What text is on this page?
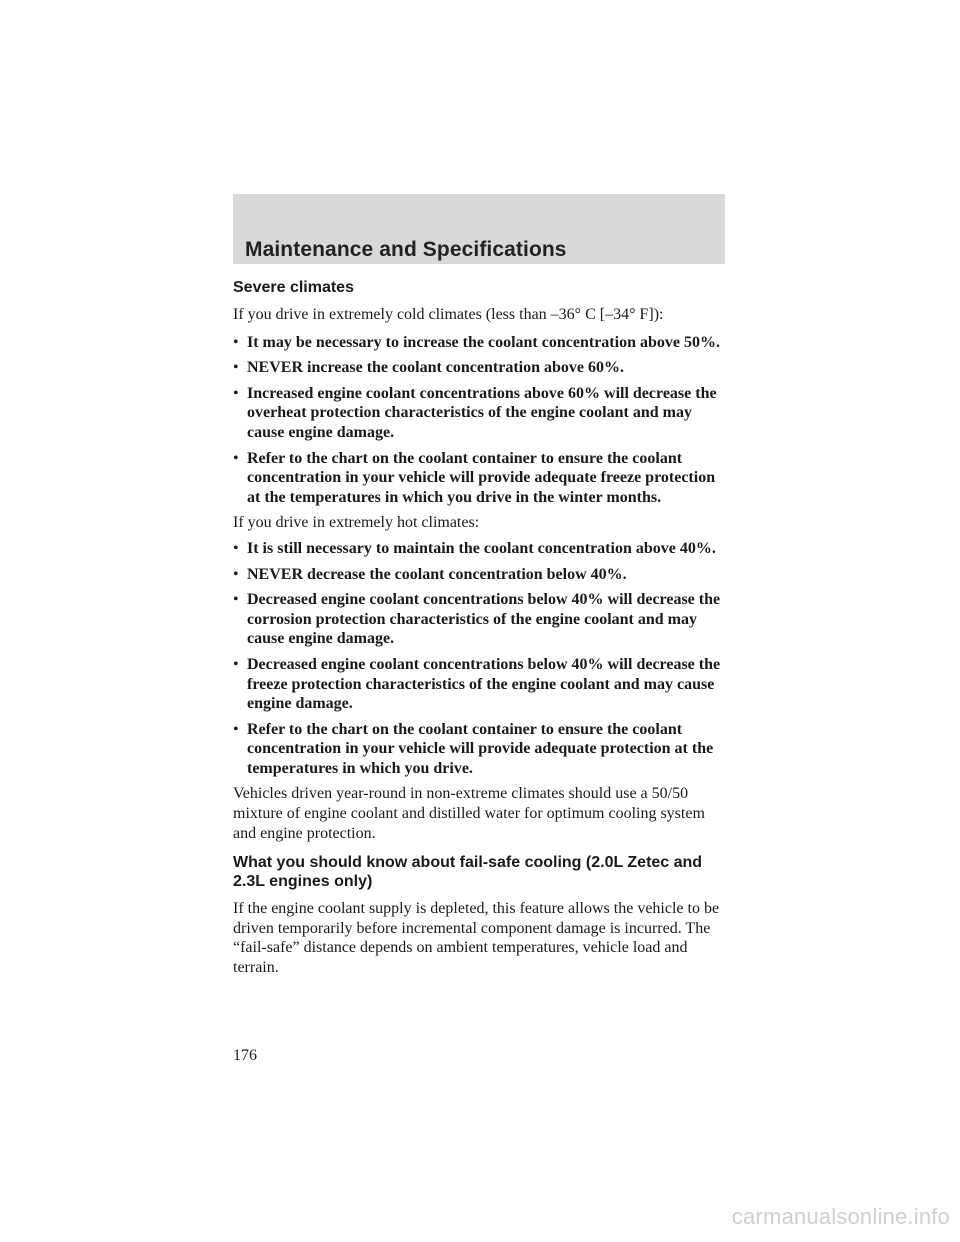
Maintenance and Specifications

Severe climates

If you drive in extremely cold climates (less than –36° C [–34° F]):

• It may be necessary to increase the coolant concentration above 50%.

• NEVER increase the coolant concentration above 60%.

• Increased engine coolant concentrations above 60% will decrease the overheat protection characteristics of the engine coolant and may cause engine damage.

• Refer to the chart on the coolant container to ensure the coolant concentration in your vehicle will provide adequate freeze protection at the temperatures in which you drive in the winter months.

If you drive in extremely hot climates:

• It is still necessary to maintain the coolant concentration above 40%.

• NEVER decrease the coolant concentration below 40%.

• Decreased engine coolant concentrations below 40% will decrease the corrosion protection characteristics of the engine coolant and may cause engine damage.

• Decreased engine coolant concentrations below 40% will decrease the freeze protection characteristics of the engine coolant and may cause engine damage.

• Refer to the chart on the coolant container to ensure the coolant concentration in your vehicle will provide adequate protection at the temperatures in which you drive.

Vehicles driven year-round in non-extreme climates should use a 50/50 mixture of engine coolant and distilled water for optimum cooling system and engine protection.

What you should know about fail-safe cooling (2.0L Zetec and 2.3L engines only)

If the engine coolant supply is depleted, this feature allows the vehicle to be driven temporarily before incremental component damage is incurred. The “fail-safe” distance depends on ambient temperatures, vehicle load and terrain.

176
carmanualsonline.info
